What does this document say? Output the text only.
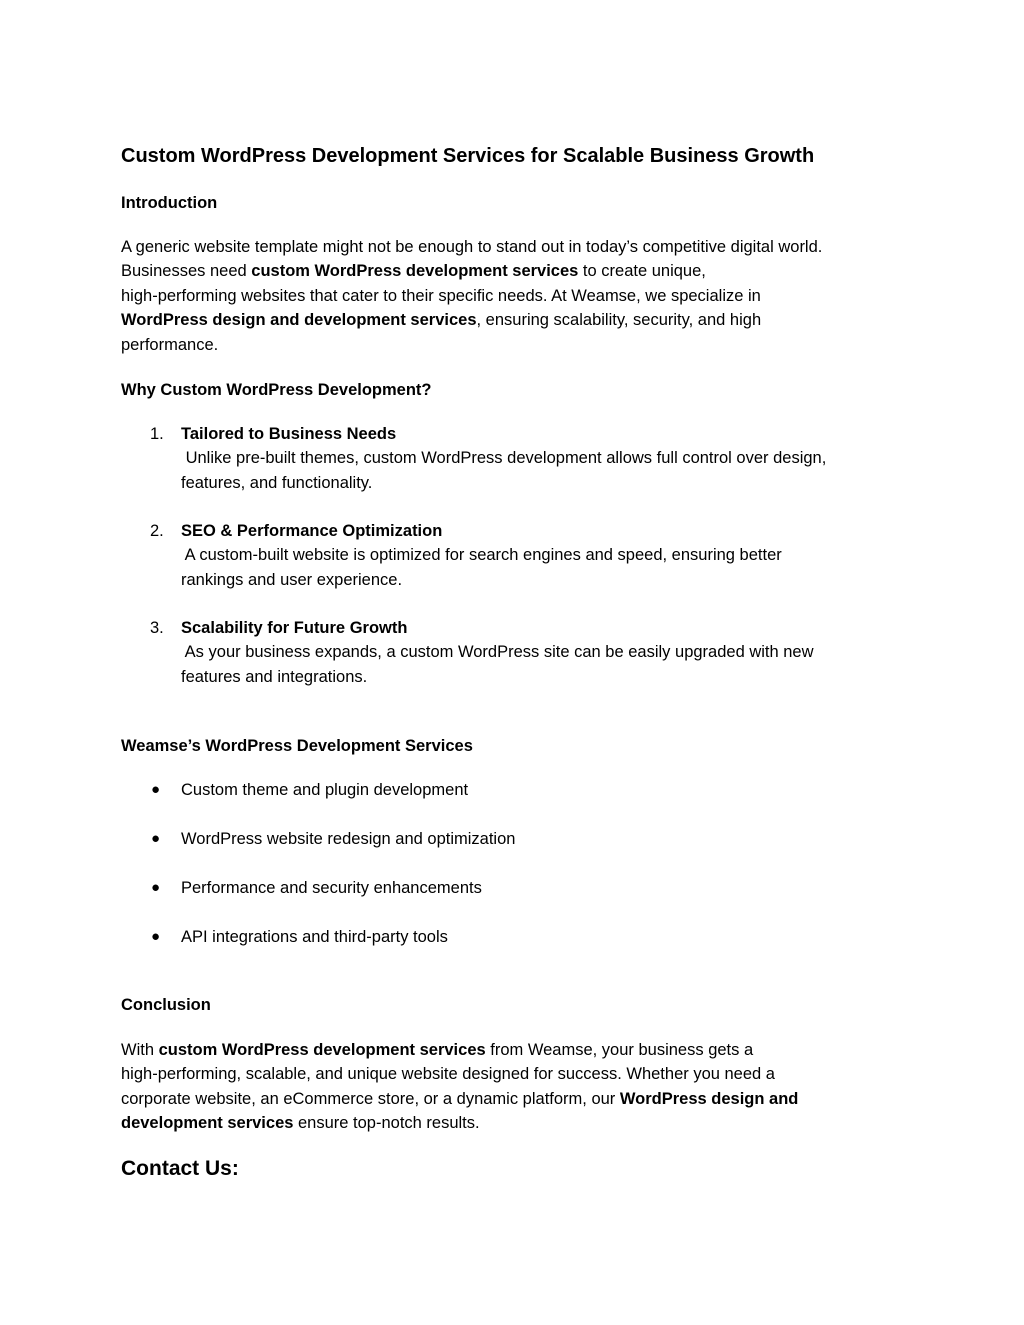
Custom WordPress Development Services for Scalable Business Growth
Introduction
A generic website template might not be enough to stand out in today’s competitive digital world.
Businesses need custom WordPress development services to create unique,
high-performing websites that cater to their specific needs. At Weamse, we specialize in
WordPress design and development services, ensuring scalability, security, and high
performance.
Why Custom WordPress Development?
1. Tailored to Business Needs
Unlike pre-built themes, custom WordPress development allows full control over design,
features, and functionality.
2. SEO & Performance Optimization
A custom-built website is optimized for search engines and speed, ensuring better
rankings and user experience.
3. Scalability for Future Growth
As your business expands, a custom WordPress site can be easily upgraded with new
features and integrations.
Weamse’s WordPress Development Services
● Custom theme and plugin development
● WordPress website redesign and optimization
● Performance and security enhancements
● API integrations and third-party tools
Conclusion
With custom WordPress development services from Weamse, your business gets a
high-performing, scalable, and unique website designed for success. Whether you need a
corporate website, an eCommerce store, or a dynamic platform, our WordPress design and
development services ensure top-notch results.
Contact Us:
